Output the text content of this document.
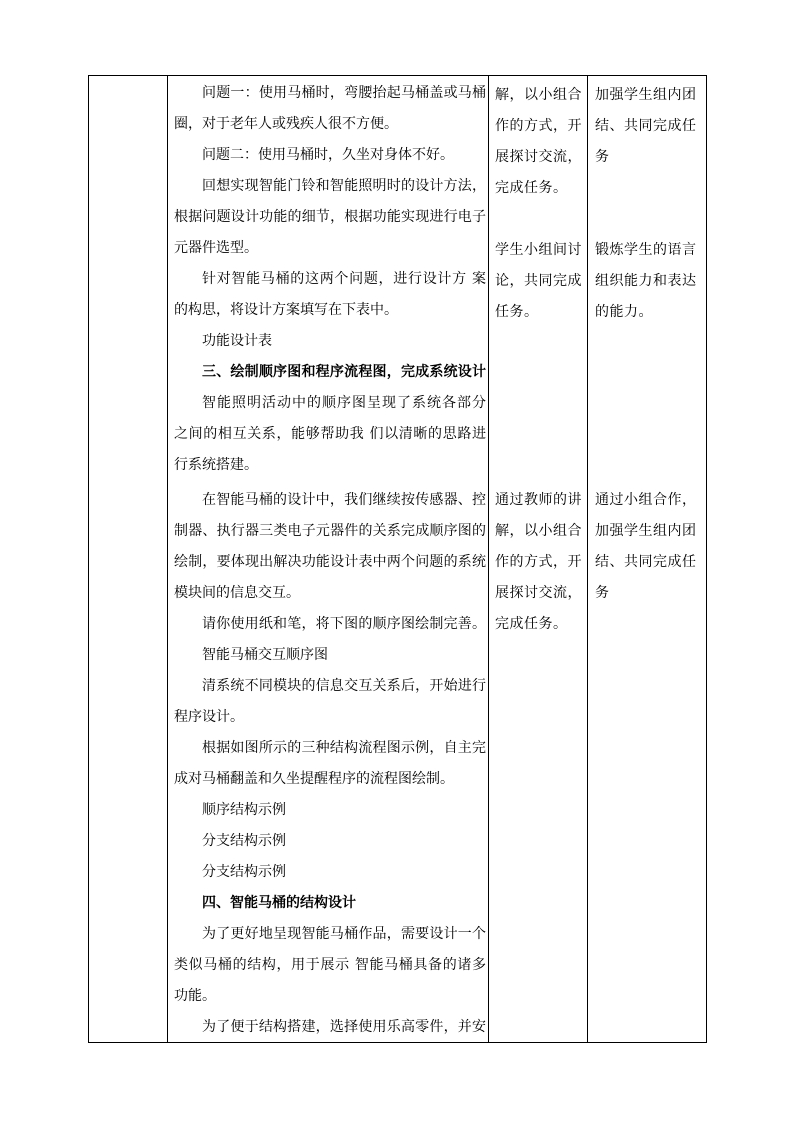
问题一：使用马桶时，弯腰抬起马桶盖或马桶
圈，对于老年人或残疾人很不方便。
问题二：使用马桶时，久坐对身体不好。
回想实现智能门铃和智能照明时的设计方法，
根据问题设计功能的细节，根据功能实现进行电子
元器件选型。
针对智能马桶的这两个问题，进行设计方 案
的构思，将设计方案填写在下表中。
功能设计表
三、绘制顺序图和程序流程图，完成系统设计
智能照明活动中的顺序图呈现了系统各部分
之间的相互关系，能够帮助我 们以清晰的思路进
行系统搭建。
在智能马桶的设计中，我们继续按传感器、控
制器、执行器三类电子元器件的关系完成顺序图的
绘制，要体现出解决功能设计表中两个问题的系统
模块间的信息交互。
请你使用纸和笔，将下图的顺序图绘制完善。
智能马桶交互顺序图
清系统不同模块的信息交互关系后，开始进行
程序设计。
根据如图所示的三种结构流程图示例，自主完
成对马桶翻盖和久坐提醒程序的流程图绘制。
顺序结构示例
分支结构示例
分支结构示例
四、智能马桶的结构设计
为了更好地呈现智能马桶作品，需要设计一个
类似马桶的结构，用于展示 智能马桶具备的诸多
功能。
为了便于结构搭建，选择使用乐高零件，并安
解，以小组合
作的方式，开
展探讨交流，
完成任务。
学生小组间讨
论，共同完成
任务。
通过教师的讲
解，以小组合
作的方式，开
展探讨交流，
完成任务。
加强学生组内团
结、共同完成任
务
锻炼学生的语言
组织能力和表达
的能力。
通过小组合作，
加强学生组内团
结、共同完成任
务
